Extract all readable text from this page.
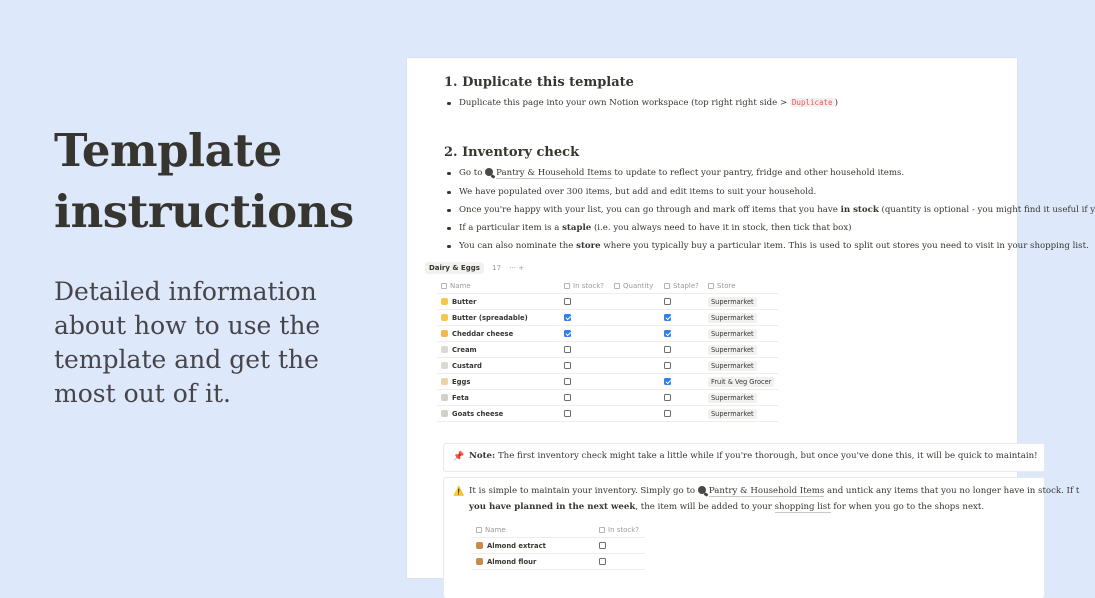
Template
instructions
Detailed information about how to use the template and get the most out of it.
1. Duplicate this template
Duplicate this page into your own Notion workspace (top right right side > Duplicate )
2. Inventory check
Go to Pantry & Household Items to update to reflect your pantry, fridge and other household items.
We have populated over 300 items, but add and edit items to suit your household.
Once you're happy with your list, you can go through and mark off items that you have in stock (quantity is optional - you might find it useful if y
If a particular item is a staple (i.e. you always need to have it in stock, then tick that box)
You can also nominate the store where you typically buy a particular item. This is used to split out stores you need to visit in your shopping list.
Dairy & Eggs 17 ··· +
Name	In stock?	Quantity	Staple?	Store
Butter				Supermarket
Butter (spreadable)				Supermarket
Cheddar cheese				Supermarket
Cream				Supermarket
Custard				Supermarket
Eggs				Fruit & Veg Grocer
Feta				Supermarket
Goats cheese				Supermarket
📌 Note: The first inventory check might take a little while if you're thorough, but once you've done this, it will be quick to maintain!
⚠️ It is simple to maintain your inventory. Simply go to Pantry & Household Items and untick any items that you no longer have in stock. If t
you have planned in the next week, the item will be added to your shopping list for when you go to the shops next.
Name	In stock?
Almond extract	
Almond flour	
